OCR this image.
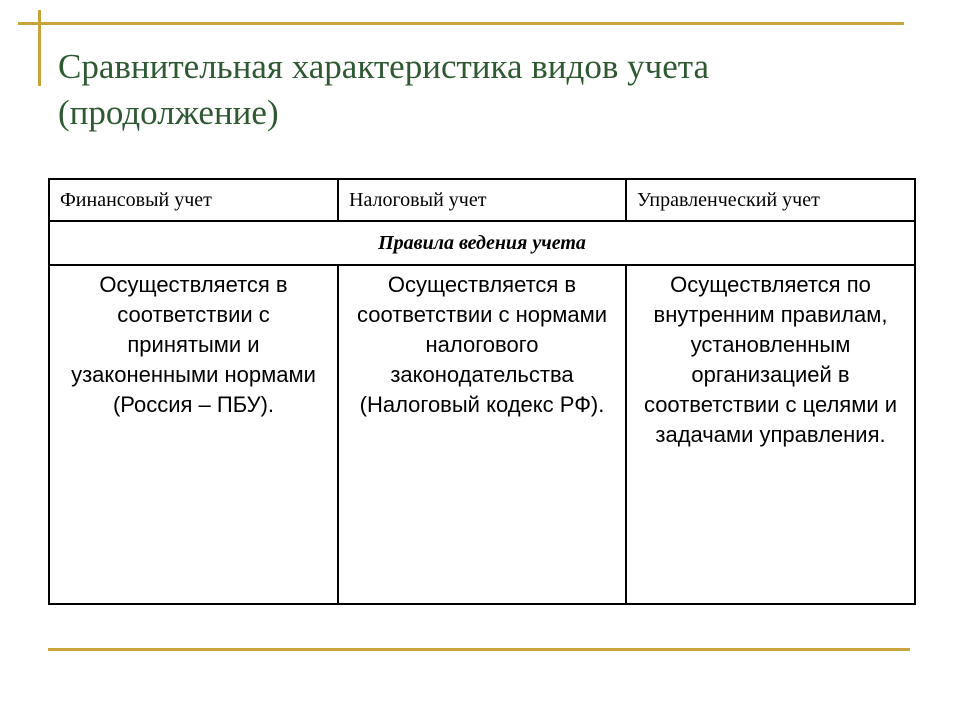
Сравнительная характеристика видов учета
(продолжение)
Финансовый учет	Налоговый учет	Управленческий учет
Правила ведения учета		
Осуществляется в соответствии с принятыми и узаконенными нормами (Россия – ПБУ).	Осуществляется в соответствии с нормами налогового законодательства (Налоговый кодекс РФ).	Осуществляется по внутренним правилам, установленным организацией в соответствии с целями и задачами управления.
